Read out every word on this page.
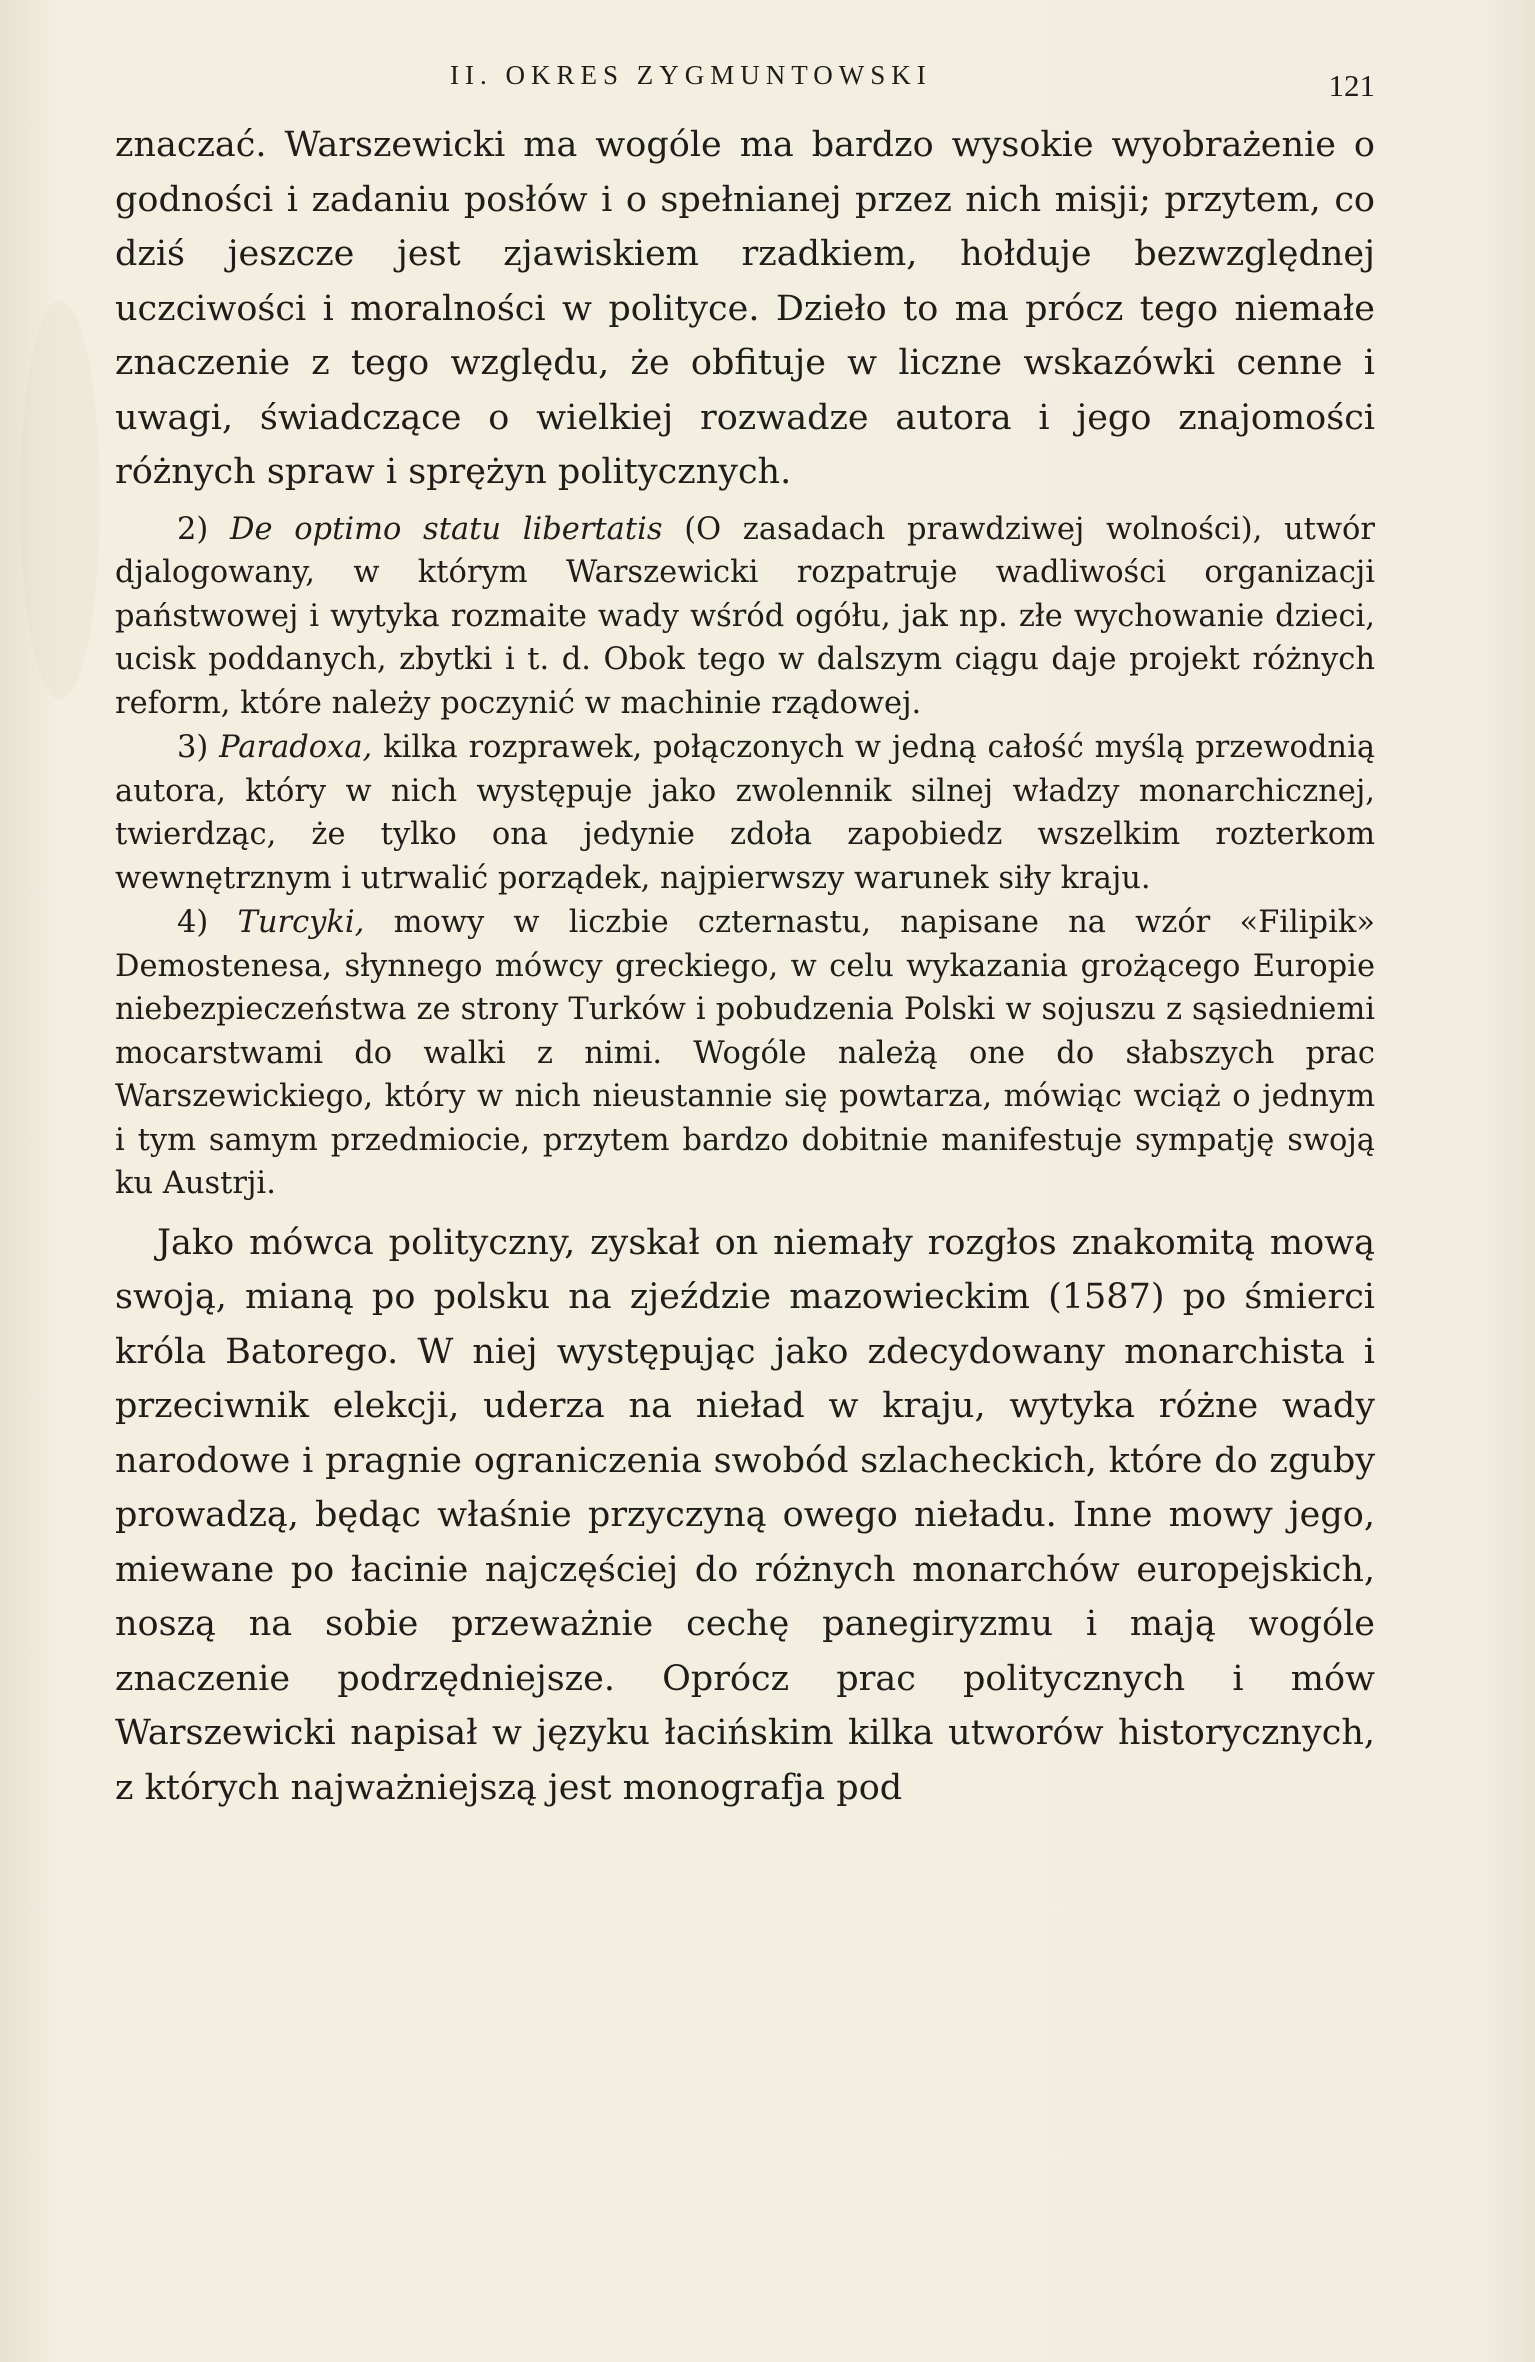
II. OKRES ZYGMUNTOWSKI	121

znaczać. Warszewicki ma wogóle ma bardzo wysokie wyobrażenie o godności i zadaniu posłów i o spełnianej przez nich misji; przytem, co dziś jeszcze jest zjawiskiem rzadkiem, hołduje bezwzględnej uczciwości i moralności w polityce. Dzieło to ma prócz tego niemałe znaczenie z tego względu, że obfituje w liczne wskazówki cenne i uwagi, świadczące o wielkiej rozwadze autora i jego znajomości różnych spraw i sprężyn politycznych.

2) De optimo statu libertatis (O zasadach prawdziwej wolności), utwór djalogowany, w którym Warszewicki rozpatruje wadliwości organizacji państwowej i wytyka rozmaite wady wśród ogółu, jak np. złe wychowanie dzieci, ucisk poddanych, zbytki i t. d. Obok tego w dalszym ciągu daje projekt różnych reform, które należy poczynić w machinie rządowej.

3) Paradoxa, kilka rozprawek, połączonych w jedną całość myślą przewodnią autora, który w nich występuje jako zwolennik silnej władzy monarchicznej, twierdząc, że tylko ona jedynie zdoła zapobiedz wszelkim rozterkom wewnętrznym i utrwalić porządek, najpierwszy warunek siły kraju.

4) Turcyki, mowy w liczbie czternastu, napisane na wzór «Filipik» Demostenesa, słynnego mówcy greckiego, w celu wykazania grożącego Europie niebezpieczeństwa ze strony Turków i pobudzenia Polski w sojuszu z sąsiedniemi mocarstwami do walki z nimi. Wogóle należą one do słabszych prac Warszewickiego, który w nich nieustannie się powtarza, mówiąc wciąż o jednym i tym samym przedmiocie, przytem bardzo dobitnie manifestuje sympatję swoją ku Austrji.

Jako mówca polityczny, zyskał on niemały rozgłos znakomitą mową swoją, mianą po polsku na zjeździe mazowieckim (1587) po śmierci króla Batorego. W niej występując jako zdecydowany monarchista i przeciwnik elekcji, uderza na nieład w kraju, wytyka różne wady narodowe i pragnie ograniczenia swobód szlacheckich, które do zguby prowadzą, będąc właśnie przyczyną owego nieładu. Inne mowy jego, miewane po łacinie najczęściej do różnych monarchów europejskich, noszą na sobie przeważnie cechę panegiryzmu i mają wogóle znaczenie podrzędniejsze. Oprócz prac politycznych i mów Warszewicki napisał w języku łacińskim kilka utworów historycznych, z których najważniejszą jest monografja pod
